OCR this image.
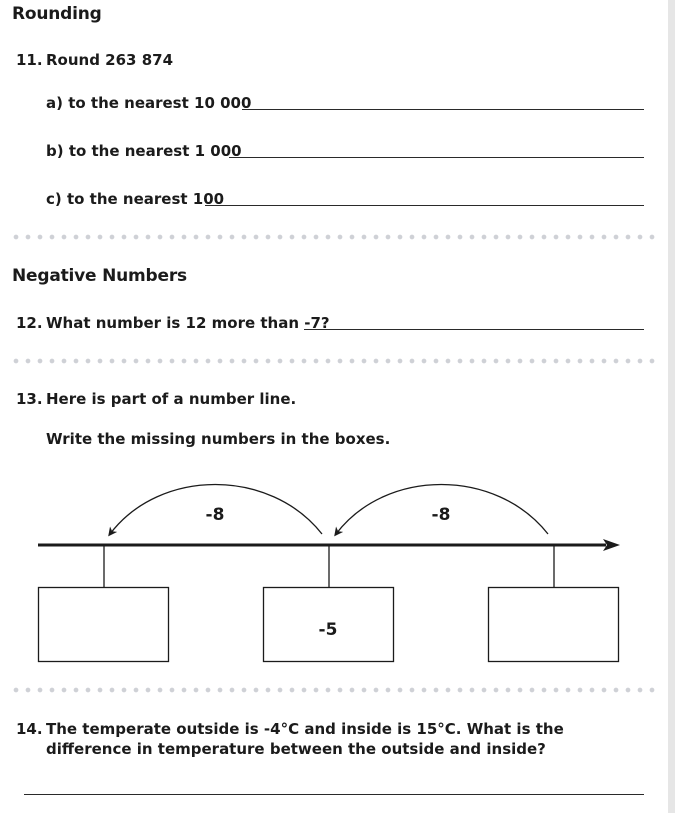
Rounding
11. Round 263 874
a) to the nearest 10 000
b) to the nearest 1 000
c) to the nearest 100
Negative Numbers
12. What number is 12 more than -7?
13. Here is part of a number line.
Write the missing numbers in the boxes.
-8	-8
-5
14. The temperate outside is -4°C and inside is 15°C. What is the difference in temperature between the outside and inside?
